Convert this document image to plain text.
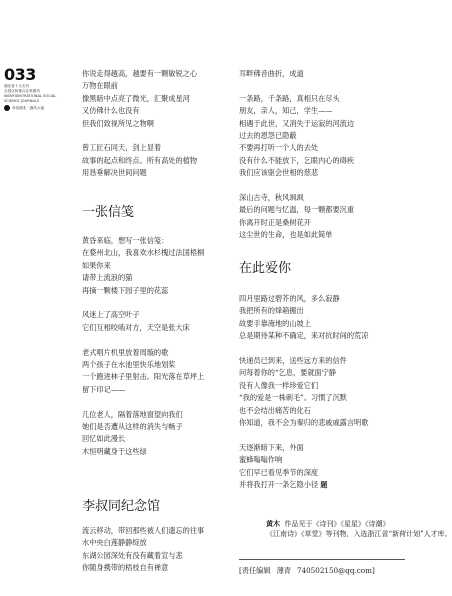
033
湖北省十大名刊
全国百种重点社科期刊
WENYIXINTRATIONAL SOCIAL
SCIENCE JOURNALS
恭喜湖北 · 鹿鸣大地

你说走得越高，越要有一颗敏锐之心

万物在眼前

像黑暗中点亮了微光，汇聚成星河

又仿佛什么也没有

但我们致视所见之物啊

曾工匠石同天，剑上显着

故事的起点和终点。所有高处的植物

用恳垂解决世间问题

一张信笺

黄昏来临，想写一张信笺：

在婺州北山，我喜欢水杉槐过法国梧桐

如果你来

请带上流浪的猫

再摘一颗楼下园子里的花蕊

风迷上了高空叶子

它们互相咬啮对方，天空是张大床

老式唱片机里放着周璇的歌

两个孩子在水池里快乐地划桨

一个跑进林子里射击。阳光落在草坪上

留下印记——

几位老人，隔着落地窗望向我们

她们是否遭从这样的消失与畅子

回忆如此漫长

木恒明藏身于这些绿

李叔同纪念馆

流云移动，带回那些被人们遗忘的往事

水中央白莲静静绽放

东湖公园深处有没有藏着宣与悲

你随身携带的梧枝自有禅意

耳畔佛音曲折，成道

一条路，千条路，真相只在尽头

朋友，亲人，知己，学生——

相遇于此世，又消失于运寂的河流边

过去的恩怨已隐蔽

不要再打听一个人的去处

没有什么不能放下，乞眼内心的碍疾

我们应该驱会世相的慈悲

深山古寺，秋风飒飒

最后的问题与忆温，每一颗都要沉重

你离开时正是桑树花开

这尘世的生命，也是如此简单

在此爱你

四月里路过碧芥的风，多么寂静

我把所有的烽箱搬出

故要手靠淹地的山坡上

总是期待某种不确定，来对抗时间的荒凉

快递员已到来，送些远方来的信件

问每着你的“乞息，要就面宁静

没有人像我一样珍爱它们

“我的爱是一株刺毛”。习惯了沉默

也不会结出痛苦的化石

你知道，我不会为秦归的悲戚戚露言明歌

天逐渐暗下来，外面

蜜蜂嗡嗡作响

它们早已看见季节的深度

并将我打开一条乞隐小径 题

黄木 作品见于《诗刊》《星星》《诗潮》
《江南诗》《草堂》等刊物，入选浙江省“新荷计划”人才库。
[责任编辑 薄青 740502150@qq.com]
